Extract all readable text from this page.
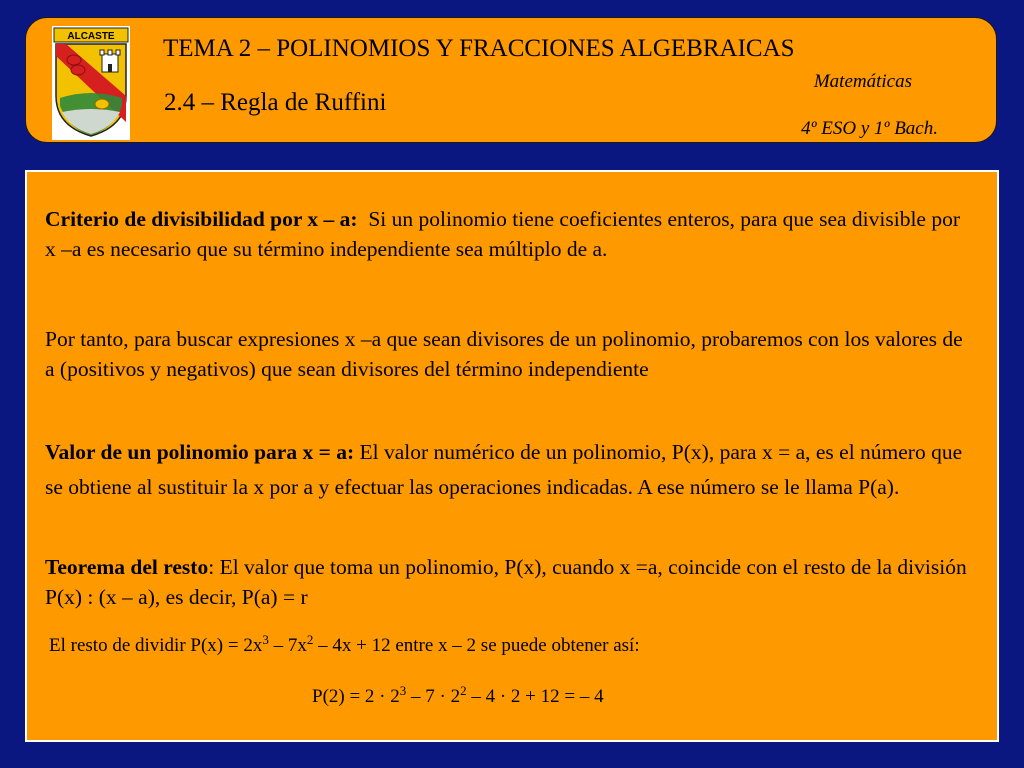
ALCASTE TEMA 2 – POLINOMIOS Y FRACCIONES ALGEBRAICAS
2.4 – Regla de Ruffini
Matemáticas
4º ESO y 1º Bach.
Criterio de divisibilidad por x – a: Si un polinomio tiene coeficientes enteros, para que sea divisible por x –a es necesario que su término independiente sea múltiplo de a.
Por tanto, para buscar expresiones x –a que sean divisores de un polinomio, probaremos con los valores de a (positivos y negativos) que sean divisores del término independiente
Valor de un polinomio para x = a: El valor numérico de un polinomio, P(x), para x = a, es el número que se obtiene al sustituir la x por a y efectuar las operaciones indicadas. A ese número se le llama P(a).
Teorema del resto: El valor que toma un polinomio, P(x), cuando x =a, coincide con el resto de la división P(x) : (x – a), es decir, P(a) = r
El resto de dividir $P(x) = 2x^3 - 7x^2 - 4x + 12$ entre x – 2 se puede obtener así:
$P(2) = 2 \cdot 2^3 - 7 \cdot 2^2 - 4 \cdot 2 + 12$ = – 4
